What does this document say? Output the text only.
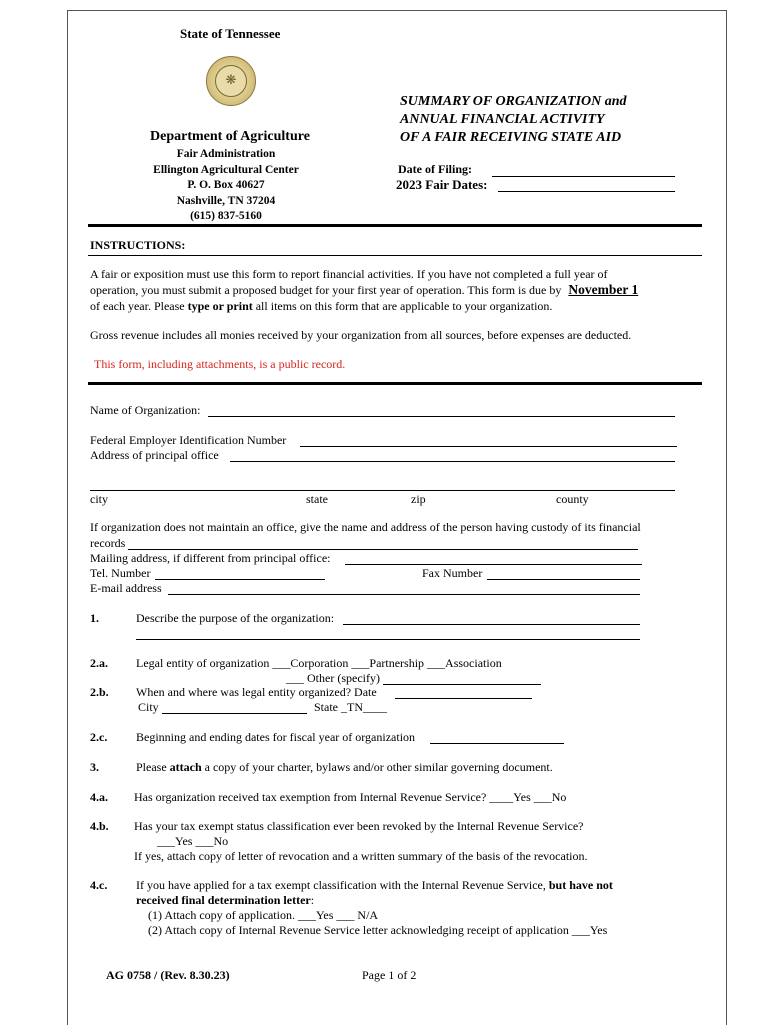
State of Tennessee
❋
SUMMARY OF ORGANIZATION and
ANNUAL FINANCIAL ACTIVITY
OF A FAIR RECEIVING STATE AID
Department of Agriculture
Fair Administration
Ellington Agricultural Center
P. O. Box 40627
Nashville, TN 37204
(615) 837-5160
Date of Filing:
2023 Fair Dates:
INSTRUCTIONS:
A fair or exposition must use this form to report financial activities. If you have not completed a full year of
operation, you must submit a proposed budget for your first year of operation. This form is due by November 1
of each year. Please type or print all items on this form that are applicable to your organization.
Gross revenue includes all monies received by your organization from all sources, before expenses are deducted.
This form, including attachments, is a public record.
Name of Organization:
Federal Employer Identification Number
Address of principal office
city	state	zip	county
If organization does not maintain an office, give the name and address of the person having custody of its financial
records
Mailing address, if different from principal office:
Tel. Number	Fax Number
E-mail address
1.	Describe the purpose of the organization:
2.a. Legal entity of organization ___Corporation ___Partnership ___Association
___ Other (specify)
2.b. When and where was legal entity organized? Date
City	State _TN____
2.c. Beginning and ending dates for fiscal year of organization
3.	Please attach a copy of your charter, bylaws and/or other similar governing document.
4.a. Has organization received tax exemption from Internal Revenue Service? ____Yes ___No
4.b. Has your tax exempt status classification ever been revoked by the Internal Revenue Service?
___Yes ___No
If yes, attach copy of letter of revocation and a written summary of the basis of the revocation.
4.c. If you have applied for a tax exempt classification with the Internal Revenue Service, but have not
received final determination letter:
(1) Attach copy of application. ___Yes ___ N/A
(2) Attach copy of Internal Revenue Service letter acknowledging receipt of application ___Yes
AG 0758 / (Rev. 8.30.23)	Page 1 of 2
